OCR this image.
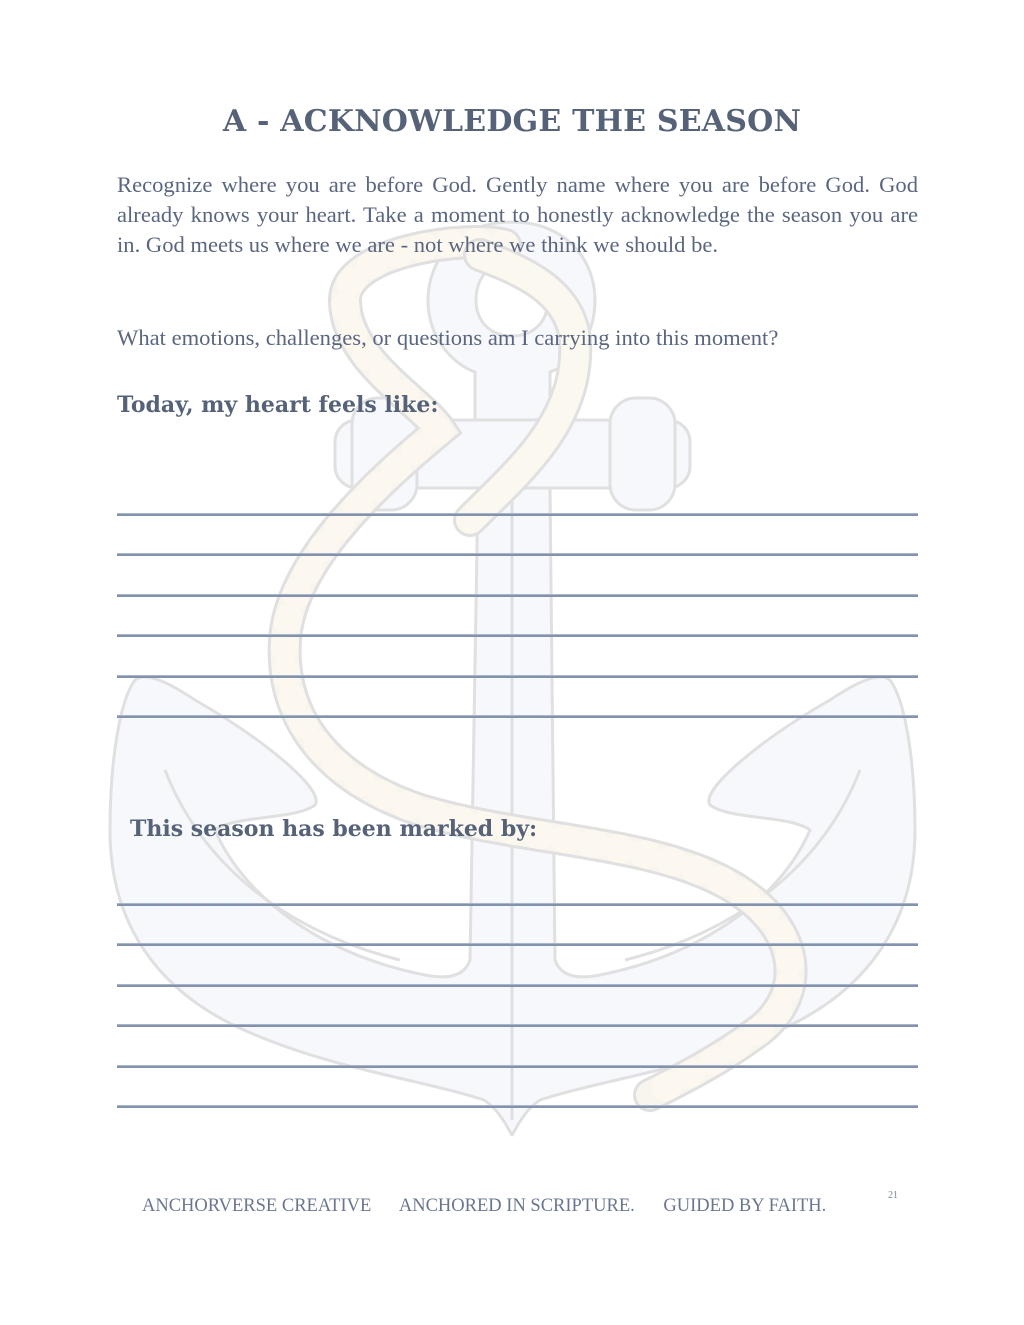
A - ACKNOWLEDGE THE SEASON

Recognize where you are before God. Gently name where you are before God. God already knows your heart. Take a moment to honestly acknowledge the season you are in. God meets us where we are - not where we think we should be.

What emotions, challenges, or questions am I carrying into this moment?

Today, my heart feels like:
This season has been marked by:
ANCHORVERSE CREATIVE ANCHORED IN SCRIPTURE. GUIDED BY FAITH.
21
